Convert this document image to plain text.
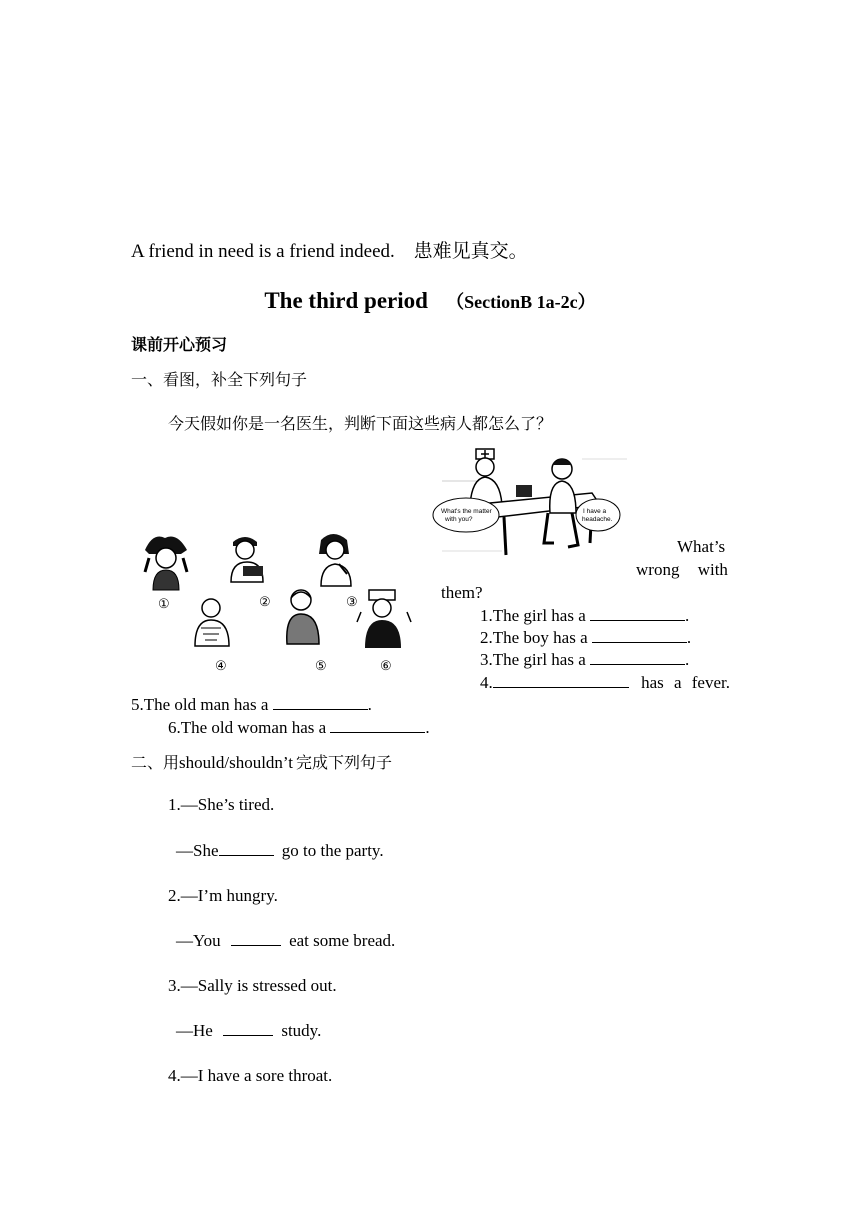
A friend in need is a friend indeed. 患难见真交。
The third period （SectionB 1a-2c）
课前开心预习
一、看图，补全下列句子
今天假如你是一名医生，判断下面这些病人都怎么了？
What's the matter with you?
I have a headache.
①	②	③
④	⑤	⑥
What’s
wrong with
them?
1.The girl has a	.
2.The boy has a	.
3.The girl has a	.
4.	has a fever.
5.The old man has a	.
6.The old woman has a	.
二、用should/shouldn’t 完成下列句子
1.—She’s tired.
—She	go to the party.
2.—I’m hungry.
—You	eat some bread.
3.—Sally is stressed out.
—He	study.
4.—I have a sore throat.
